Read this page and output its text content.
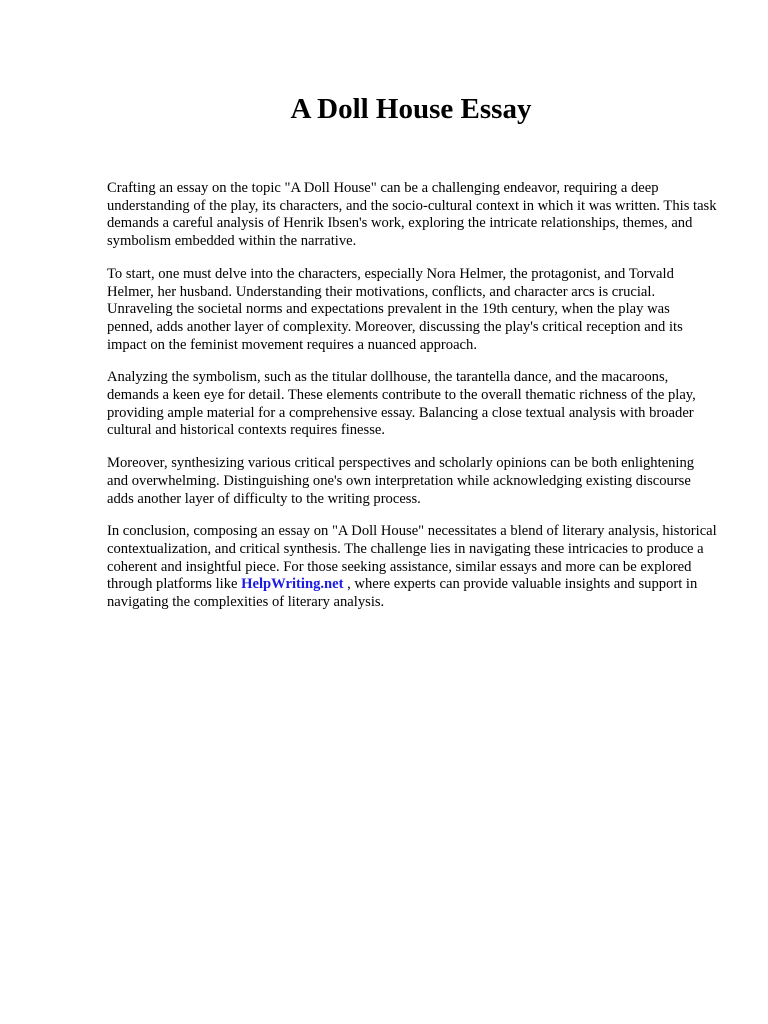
A Doll House Essay

Crafting an essay on the topic "A Doll House" can be a challenging endeavor, requiring a deep understanding of the play, its characters, and the socio-cultural context in which it was written. This task demands a careful analysis of Henrik Ibsen's work, exploring the intricate relationships, themes, and symbolism embedded within the narrative.

To start, one must delve into the characters, especially Nora Helmer, the protagonist, and Torvald Helmer, her husband. Understanding their motivations, conflicts, and character arcs is crucial. Unraveling the societal norms and expectations prevalent in the 19th century, when the play was penned, adds another layer of complexity. Moreover, discussing the play's critical reception and its impact on the feminist movement requires a nuanced approach.

Analyzing the symbolism, such as the titular dollhouse, the tarantella dance, and the macaroons, demands a keen eye for detail. These elements contribute to the overall thematic richness of the play, providing ample material for a comprehensive essay. Balancing a close textual analysis with broader cultural and historical contexts requires finesse.

Moreover, synthesizing various critical perspectives and scholarly opinions can be both enlightening and overwhelming. Distinguishing one's own interpretation while acknowledging existing discourse adds another layer of difficulty to the writing process.

In conclusion, composing an essay on "A Doll House" necessitates a blend of literary analysis, historical contextualization, and critical synthesis. The challenge lies in navigating these intricacies to produce a coherent and insightful piece. For those seeking assistance, similar essays and more can be explored through platforms like HelpWriting.net , where experts can provide valuable insights and support in navigating the complexities of literary analysis.
